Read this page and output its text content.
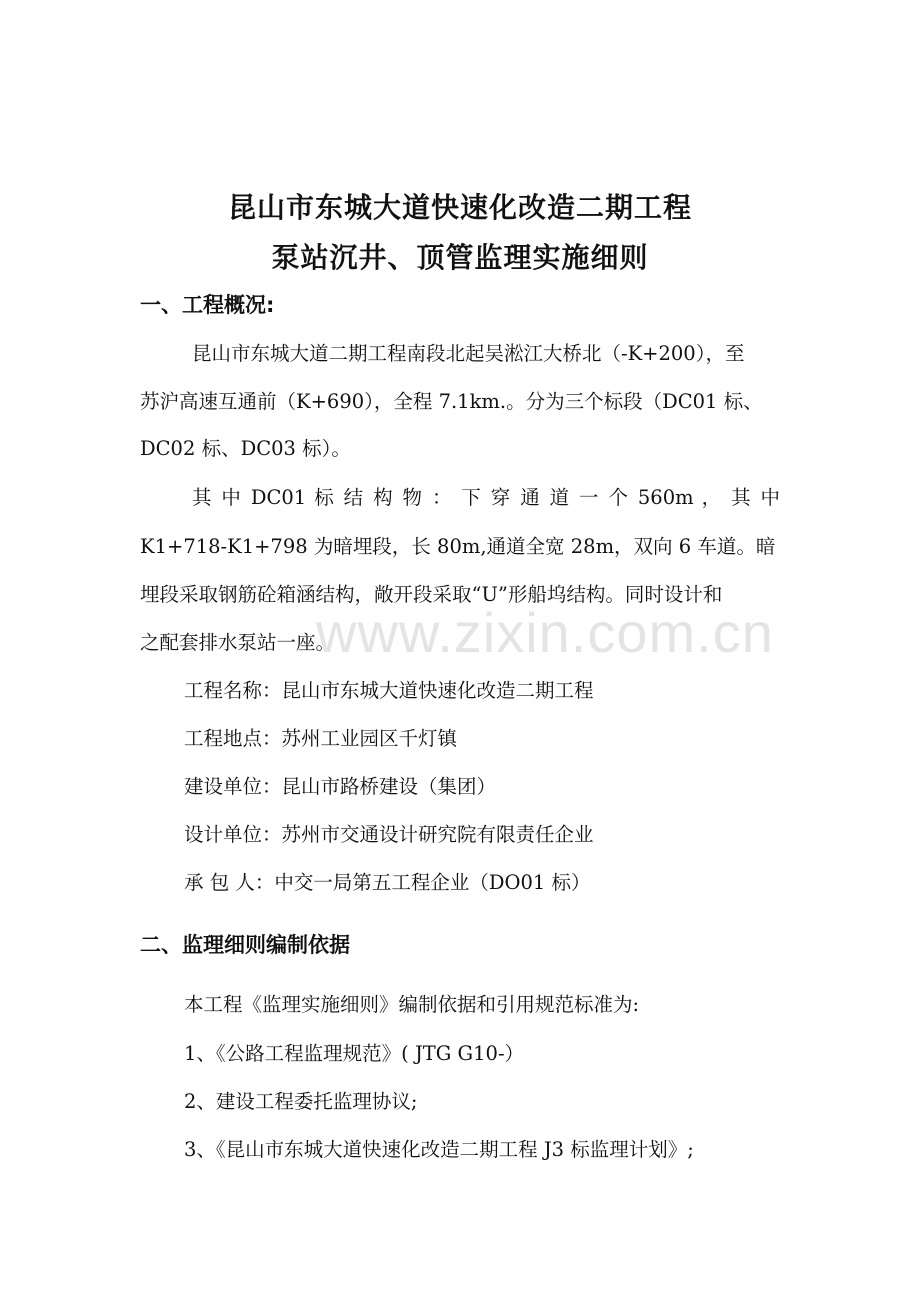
昆山市东城大道快速化改造二期工程
泵站沉井、顶管监理实施细则
一、工程概况:
昆山市东城大道二期工程南段北起吴淞江大桥北（-K+200），至
苏沪高速互通前（K+690），全程 7.1km.。分为三个标段（DC01 标、
DC02 标、DC03 标）。
其 中 DC01 标 结 构 物 ： 下 穿 通 道 一 个 560m ， 其 中
K1+718-K1+798 为暗埋段，长 80m,通道全宽 28m，双向 6 车道。暗
埋段采取钢筋砼箱涵结构，敞开段采取“U”形船坞结构。同时设计和
之配套排水泵站一座。
工程名称：昆山市东城大道快速化改造二期工程
工程地点：苏州工业园区千灯镇
建设单位：昆山市路桥建设（集团）
设计单位：苏州市交通设计研究院有限责任企业
承 包 人：中交一局第五工程企业（DO01 标）
二、监理细则编制依据
本工程《监理实施细则》编制依据和引用规范标准为:
1、《公路工程监理规范》( JTG G10-）
2、建设工程委托监理协议;
3、《昆山市东城大道快速化改造二期工程 J3 标监理计划》;
www.zixin.com.cn
